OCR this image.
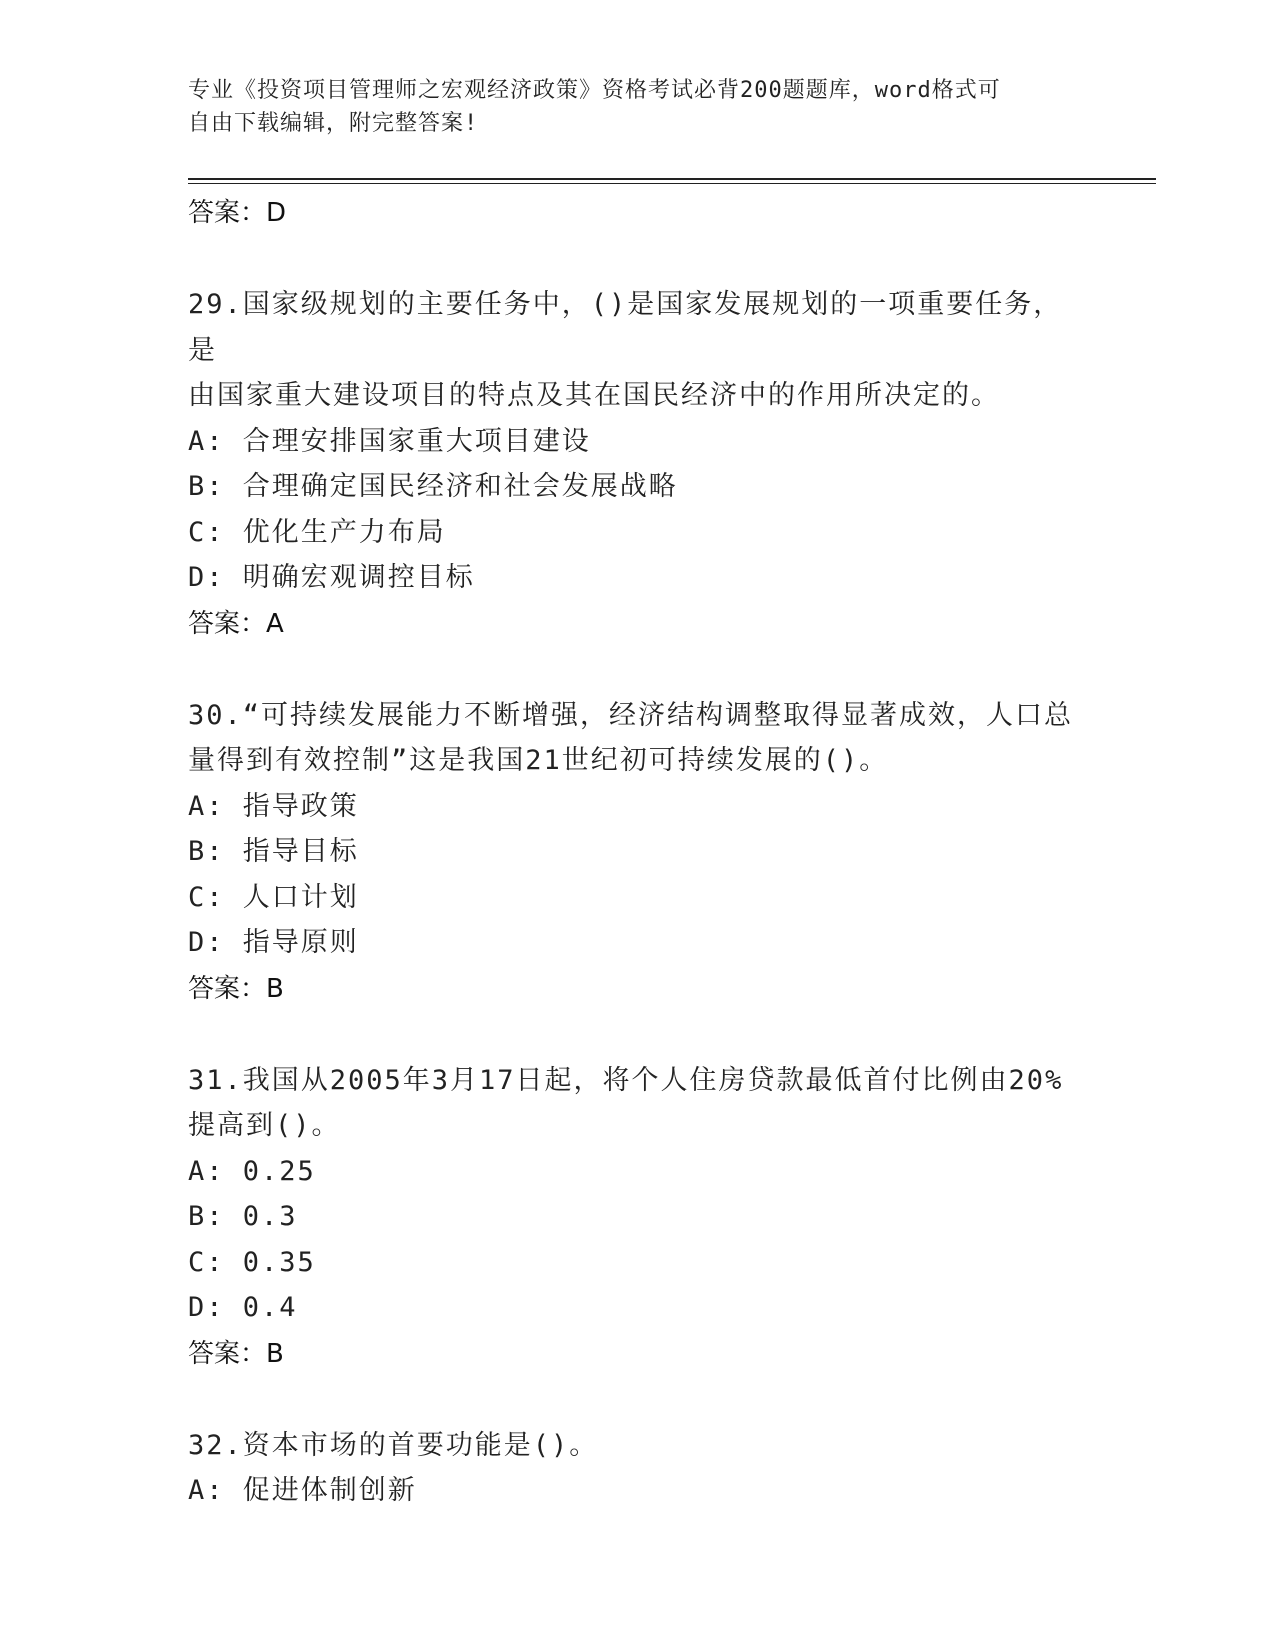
专业《投资项目管理师之宏观经济政策》资格考试必背200题题库，word格式可
自由下载编辑，附完整答案!
答案：D
29.国家级规划的主要任务中，()是国家发展规划的一项重要任务，是
由国家重大建设项目的特点及其在国民经济中的作用所决定的。
A: 合理安排国家重大项目建设
B: 合理确定国民经济和社会发展战略
C: 优化生产力布局
D: 明确宏观调控目标
答案：A
30.“可持续发展能力不断增强，经济结构调整取得显著成效，人口总
量得到有效控制”这是我国21世纪初可持续发展的()。
A: 指导政策
B: 指导目标
C: 人口计划
D: 指导原则
答案：B
31.我国从2005年3月17日起，将个人住房贷款最低首付比例由20%
提高到()。
A: 0.25
B: 0.3
C: 0.35
D: 0.4
答案：B
32.资本市场的首要功能是()。
A: 促进体制创新
